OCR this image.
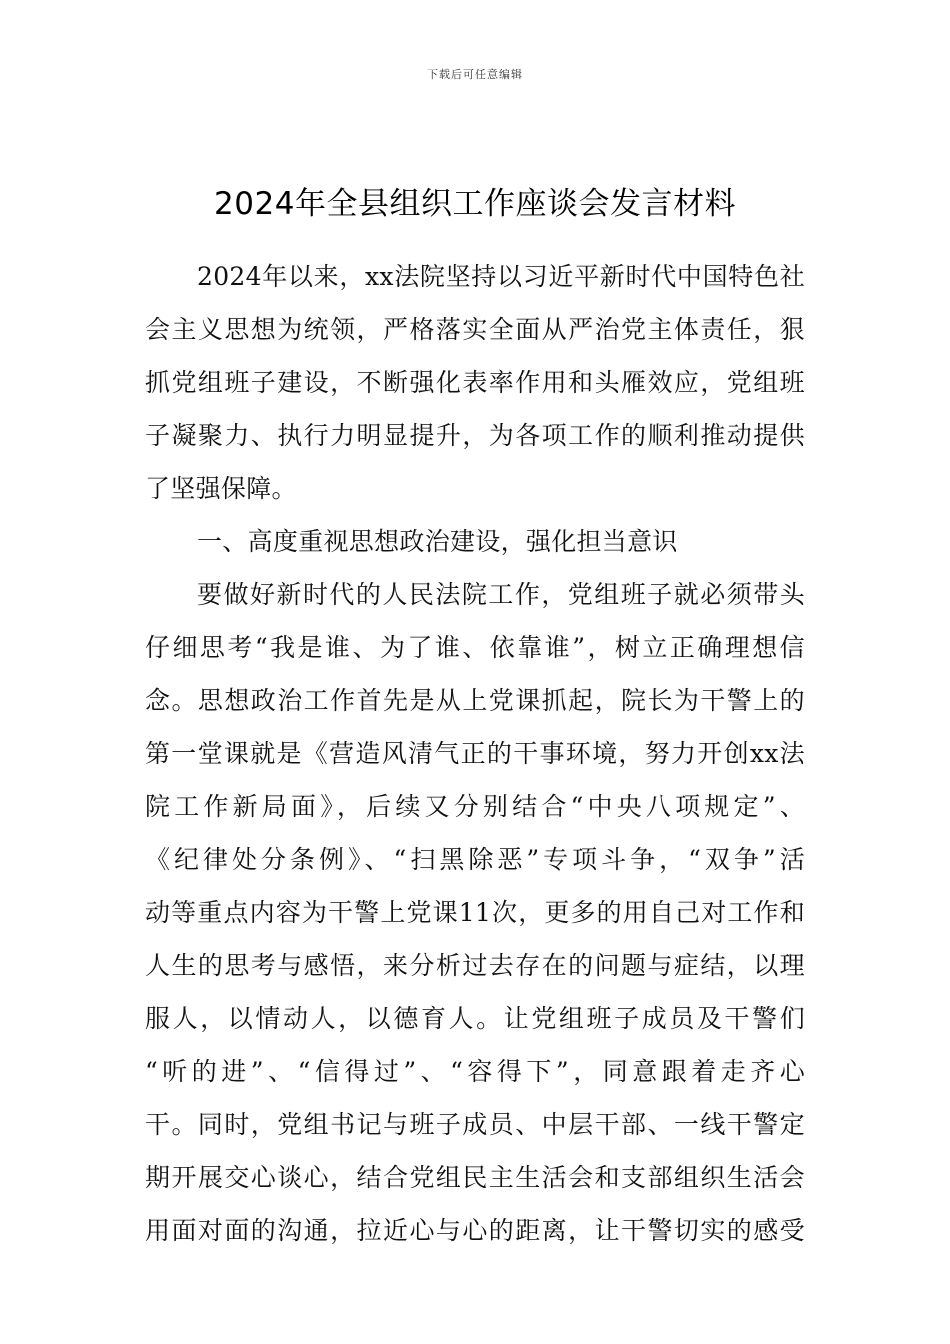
下载后可任意编辑
2024年全县组织工作座谈会发言材料
2024年以来，xx法院坚持以习近平新时代中国特色社
会主义思想为统领，严格落实全面从严治党主体责任，狠
抓党组班子建设，不断强化表率作用和头雁效应，党组班
子凝聚力、执行力明显提升，为各项工作的顺利推动提供
了坚强保障。
一、高度重视思想政治建设，强化担当意识
要做好新时代的人民法院工作，党组班子就必须带头
仔细思考“我是谁、为了谁、依靠谁”，树立正确理想信
念。思想政治工作首先是从上党课抓起，院长为干警上的
第一堂课就是《营造风清气正的干事环境，努力开创xx法
院工作新局面》，后续又分别结合“中央八项规定”、
《纪律处分条例》、“扫黑除恶”专项斗争，“双争”活
动等重点内容为干警上党课11次，更多的用自己对工作和
人生的思考与感悟，来分析过去存在的问题与症结，以理
服人，以情动人，以德育人。让党组班子成员及干警们
“听的进”、“信得过”、“容得下”，同意跟着走齐心
干。同时，党组书记与班子成员、中层干部、一线干警定
期开展交心谈心，结合党组民主生活会和支部组织生活会
用面对面的沟通，拉近心与心的距离，让干警切实的感受
